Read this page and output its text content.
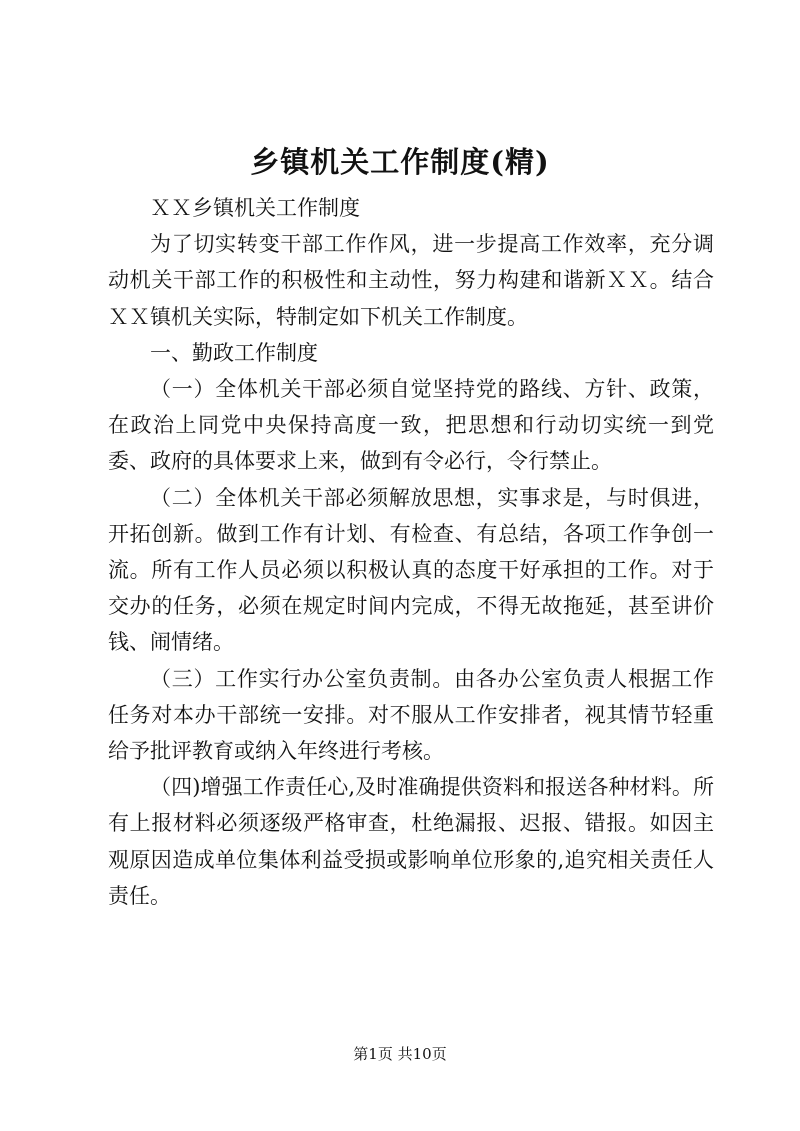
乡镇机关工作制度(精)

ＸＸ乡镇机关工作制度

为了切实转变干部工作作风，进一步提高工作效率，充分调动机关干部工作的积极性和主动性，努力构建和谐新ＸＸ。结合ＸＸ镇机关实际，特制定如下机关工作制度。

一、勤政工作制度

（一）全体机关干部必须自觉坚持党的路线、方针、政策，在政治上同党中央保持高度一致，把思想和行动切实统一到党委、政府的具体要求上来，做到有令必行，令行禁止。

（二）全体机关干部必须解放思想，实事求是，与时俱进，开拓创新。做到工作有计划、有检查、有总结，各项工作争创一流。所有工作人员必须以积极认真的态度干好承担的工作。对于交办的任务，必须在规定时间内完成，不得无故拖延，甚至讲价钱、闹情绪。

（三）工作实行办公室负责制。由各办公室负责人根据工作任务对本办干部统一安排。对不服从工作安排者，视其情节轻重给予批评教育或纳入年终进行考核。

（四)增强工作责任心,及时准确提供资料和报送各种材料。所有上报材料必须逐级严格审查，杜绝漏报、迟报、错报。如因主观原因造成单位集体利益受损或影响单位形象的,追究相关责任人责任。

第1页 共10页
